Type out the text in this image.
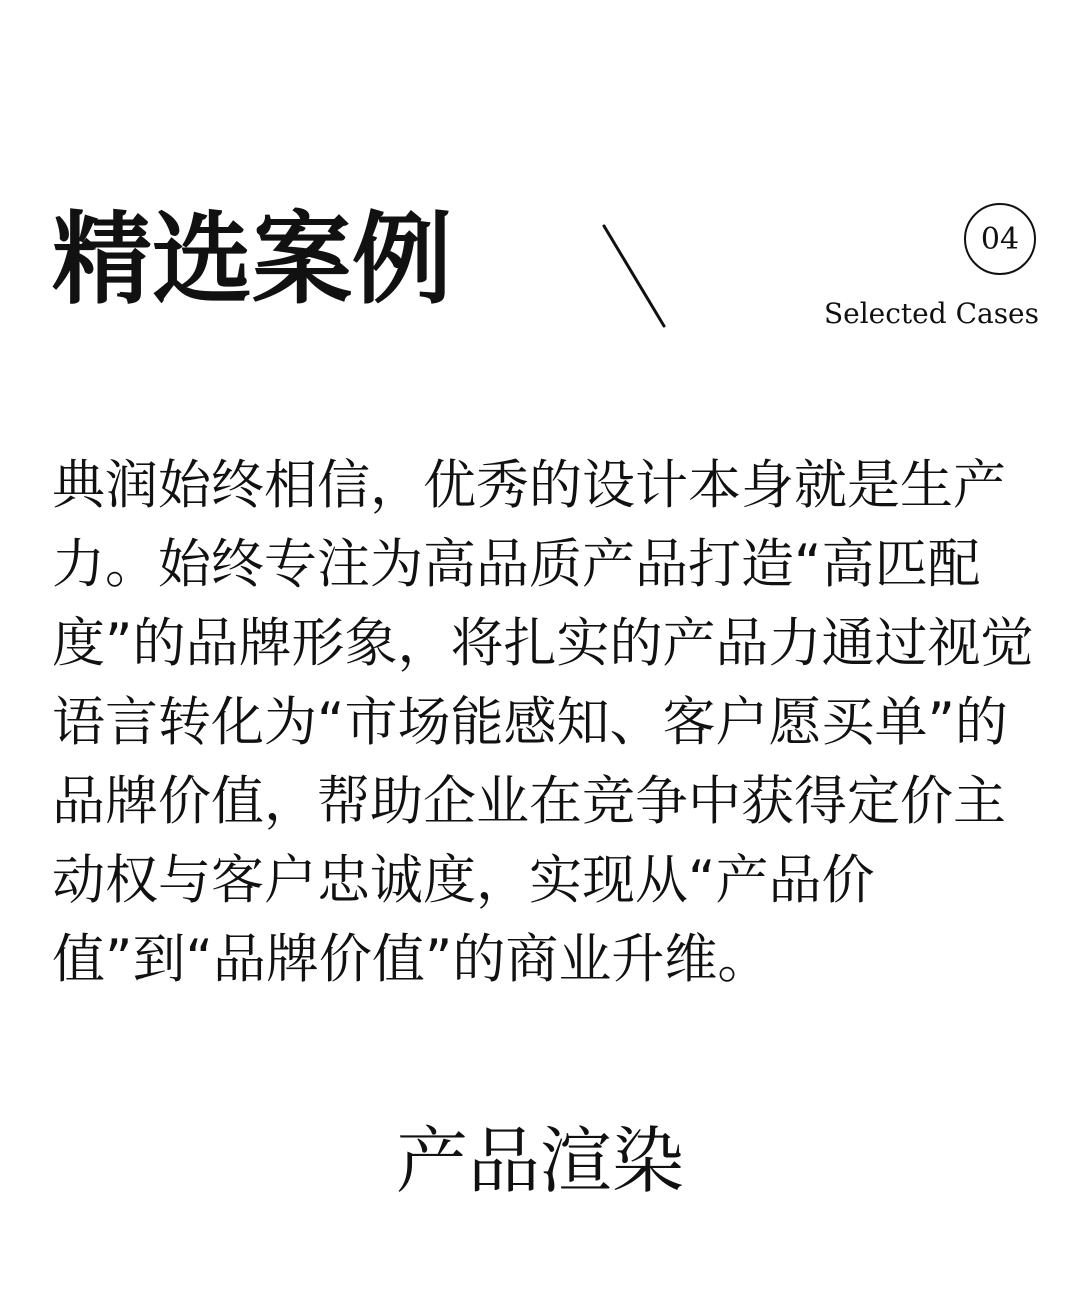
精选案例	04
Selected Cases

典润始终相信，优秀的设计本身就是生产力。始终专注为高品质产品打造“高匹配度”的品牌形象，将扎实的产品力通过视觉语言转化为“市场能感知、客户愿买单”的品牌价值，帮助企业在竞争中获得定价主动权与客户忠诚度，实现从“产品价值”到“品牌价值”的商业升维。

产品渲染
